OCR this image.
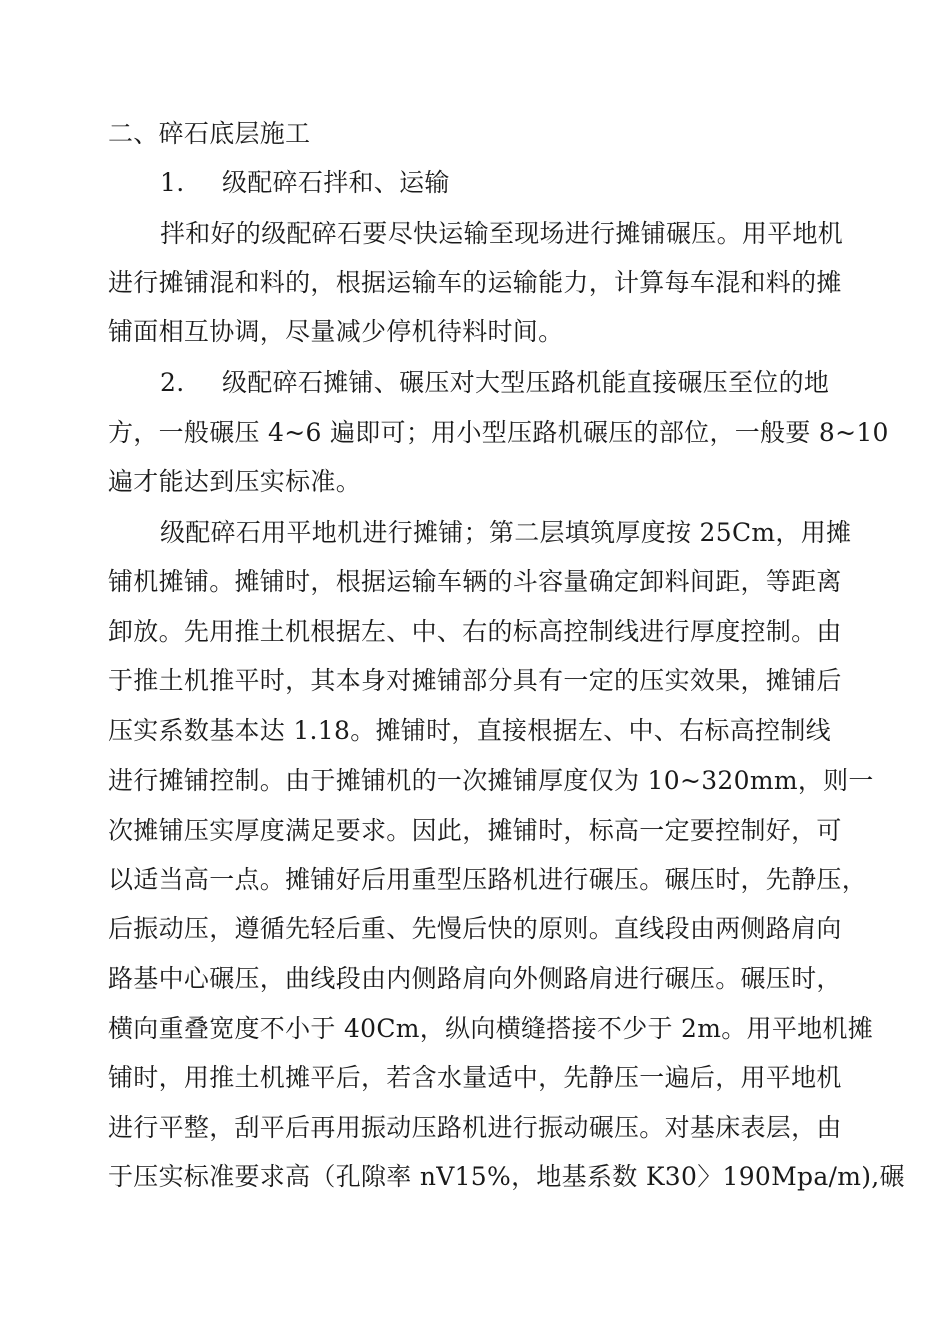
二、碎石底层施工
1. 级配碎石拌和、运输
拌和好的级配碎石要尽快运输至现场进行摊铺碾压。用平地机
进行摊铺混和料的，根据运输车的运输能力，计算每车混和料的摊
铺面相互协调，尽量减少停机待料时间。
2. 级配碎石摊铺、碾压对大型压路机能直接碾压至位的地
方，一般碾压 4~6 遍即可；用小型压路机碾压的部位，一般要 8~10
遍才能达到压实标准。
级配碎石用平地机进行摊铺；第二层填筑厚度按 25Cm，用摊
铺机摊铺。摊铺时，根据运输车辆的斗容量确定卸料间距，等距离
卸放。先用推土机根据左、中、右的标高控制线进行厚度控制。由
于推土机推平时，其本身对摊铺部分具有一定的压实效果，摊铺后
压实系数基本达 1.18。摊铺时，直接根据左、中、右标高控制线
进行摊铺控制。由于摊铺机的一次摊铺厚度仅为 10~320mm，则一
次摊铺压实厚度满足要求。因此，摊铺时，标高一定要控制好，可
以适当高一点。摊铺好后用重型压路机进行碾压。碾压时，先静压，
后振动压，遵循先轻后重、先慢后快的原则。直线段由两侧路肩向
路基中心碾压，曲线段由内侧路肩向外侧路肩进行碾压。碾压时，
横向重叠宽度不小于 40Cm，纵向横缝搭接不少于 2m。用平地机摊
铺时，用推土机摊平后，若含水量适中，先静压一遍后，用平地机
进行平整，刮平后再用振动压路机进行振动碾压。对基床表层，由
于压实标准要求高（孔隙率 nV15%，地基系数 K30〉190Mpa/m),碾
